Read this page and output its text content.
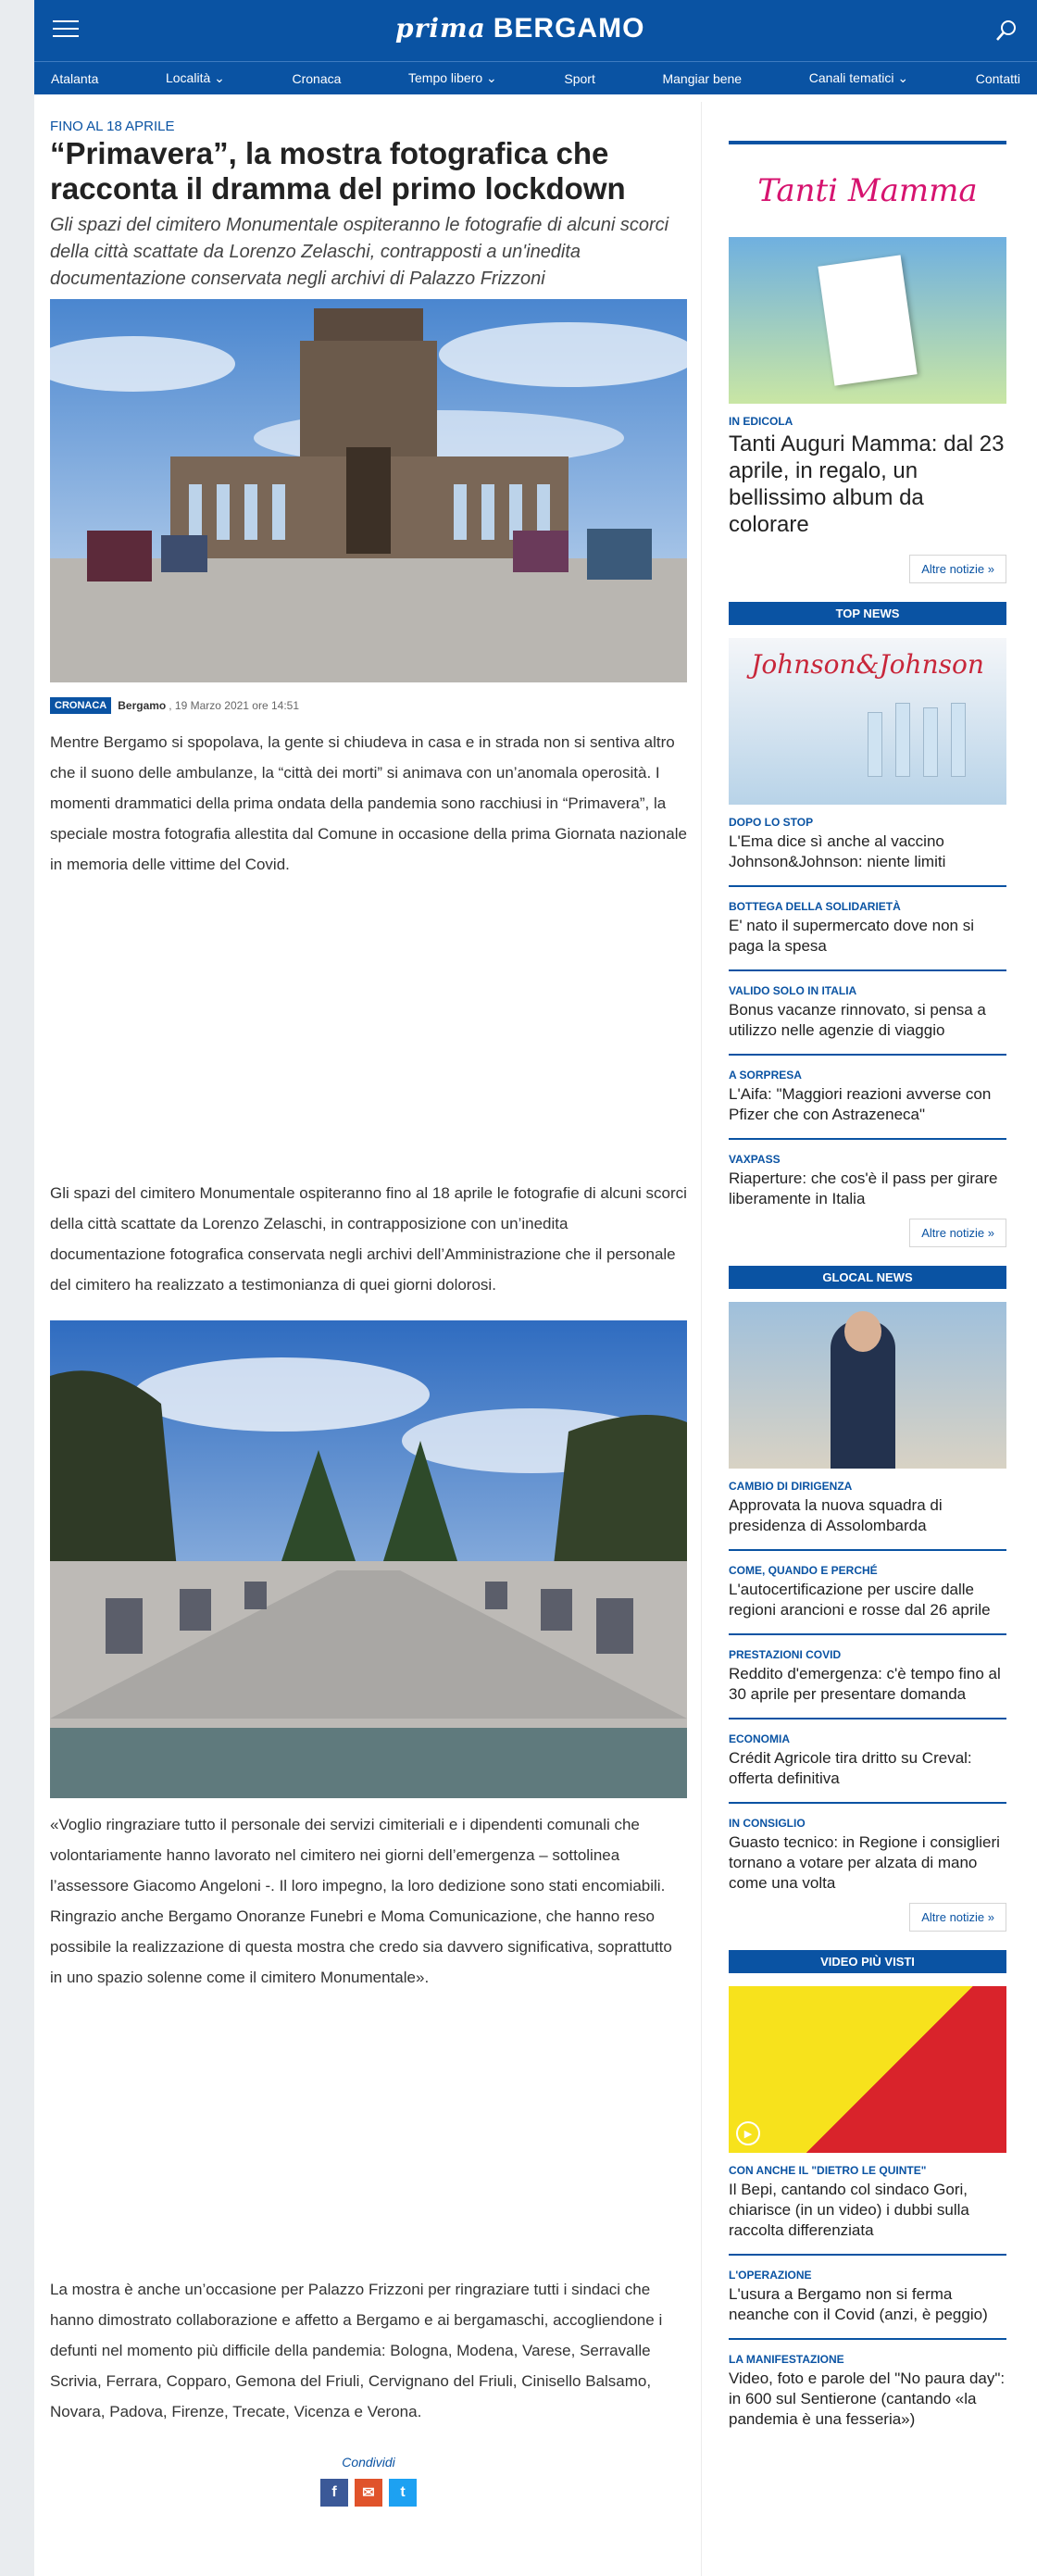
prima BERGAMO
Atalanta	Località ⌄	Cronaca	Tempo libero ⌄	Sport	Mangiar bene	Canali tematici ⌄	Contatti
FINO AL 18 APRILE
“Primavera”, la mostra fotografica che racconta il dramma del primo lockdown
Gli spazi del cimitero Monumentale ospiteranno le fotografie di alcuni scorci della città scattate da Lorenzo Zelaschi, contrapposti a un'inedita documentazione conservata negli archivi di Palazzo Frizzoni
CRONACA	Bergamo , 19 Marzo 2021 ore 14:51

Mentre Bergamo si spopolava, la gente si chiudeva in casa e in strada non si sentiva altro che il suono delle ambulanze, la “città dei morti” si animava con un’anomala operosità. I momenti drammatici della prima ondata della pandemia sono racchiusi in “Primavera”, la speciale mostra fotografia allestita dal Comune in occasione della prima Giornata nazionale in memoria delle vittime del Covid.

Gli spazi del cimitero Monumentale ospiteranno fino al 18 aprile le fotografie di alcuni scorci della città scattate da Lorenzo Zelaschi, in contrapposizione con un’inedita documentazione fotografica conservata negli archivi dell’Amministrazione che il personale del cimitero ha realizzato a testimonianza di quei giorni dolorosi.

«Voglio ringraziare tutto il personale dei servizi cimiteriali e i dipendenti comunali che volontariamente hanno lavorato nel cimitero nei giorni dell’emergenza – sottolinea l’assessore Giacomo Angeloni -. Il loro impegno, la loro dedizione sono stati encomiabili. Ringrazio anche Bergamo Onoranze Funebri e Moma Comunicazione, che hanno reso possibile la realizzazione di questa mostra che credo sia davvero significativa, soprattutto in uno spazio solenne come il cimitero Monumentale».

La mostra è anche un’occasione per Palazzo Frizzoni per ringraziare tutti i sindaci che hanno dimostrato collaborazione e affetto a Bergamo e ai bergamaschi, accogliendone i defunti nel momento più difficile della pandemia: Bologna, Modena, Varese, Serravalle Scrivia, Ferrara, Copparo, Gemona del Friuli, Cervignano del Friuli, Cinisello Balsamo, Novara, Padova, Firenze, Trecate, Vicenza e Verona.

Condividi
f	✉	t
Tanti Mamma
IN EDICOLA
Tanti Auguri Mamma: dal 23 aprile, in regalo, un bellissimo album da colorare
Altre notizie »
TOP NEWS
Johnson&Johnson
DOPO LO STOP
L'Ema dice sì anche al vaccino Johnson&Johnson: niente limiti
BOTTEGA DELLA SOLIDARIETÀ
E' nato il supermercato dove non si paga la spesa
VALIDO SOLO IN ITALIA
Bonus vacanze rinnovato, si pensa a utilizzo nelle agenzie di viaggio
A SORPRESA
L'Aifa: "Maggiori reazioni avverse con Pfizer che con Astrazeneca"
VAXPASS
Riaperture: che cos'è il pass per girare liberamente in Italia
Altre notizie »
GLOCAL NEWS
CAMBIO DI DIRIGENZA
Approvata la nuova squadra di presidenza di Assolombarda
COME, QUANDO E PERCHÉ
L'autocertificazione per uscire dalle regioni arancioni e rosse dal 26 aprile
PRESTAZIONI COVID
Reddito d'emergenza: c'è tempo fino al 30 aprile per presentare domanda
ECONOMIA
Crédit Agricole tira dritto su Creval: offerta definitiva
IN CONSIGLIO
Guasto tecnico: in Regione i consiglieri tornano a votare per alzata di mano come una volta
Altre notizie »
VIDEO PIÙ VISTI
▶
CON ANCHE IL "DIETRO LE QUINTE"
Il Bepi, cantando col sindaco Gori, chiarisce (in un video) i dubbi sulla raccolta differenziata
L'OPERAZIONE
L'usura a Bergamo non si ferma neanche con il Covid (anzi, è peggio)
LA MANIFESTAZIONE
Video, foto e parole del "No paura day": in 600 sul Sentierone (cantando «la pandemia è una fesseria»)
